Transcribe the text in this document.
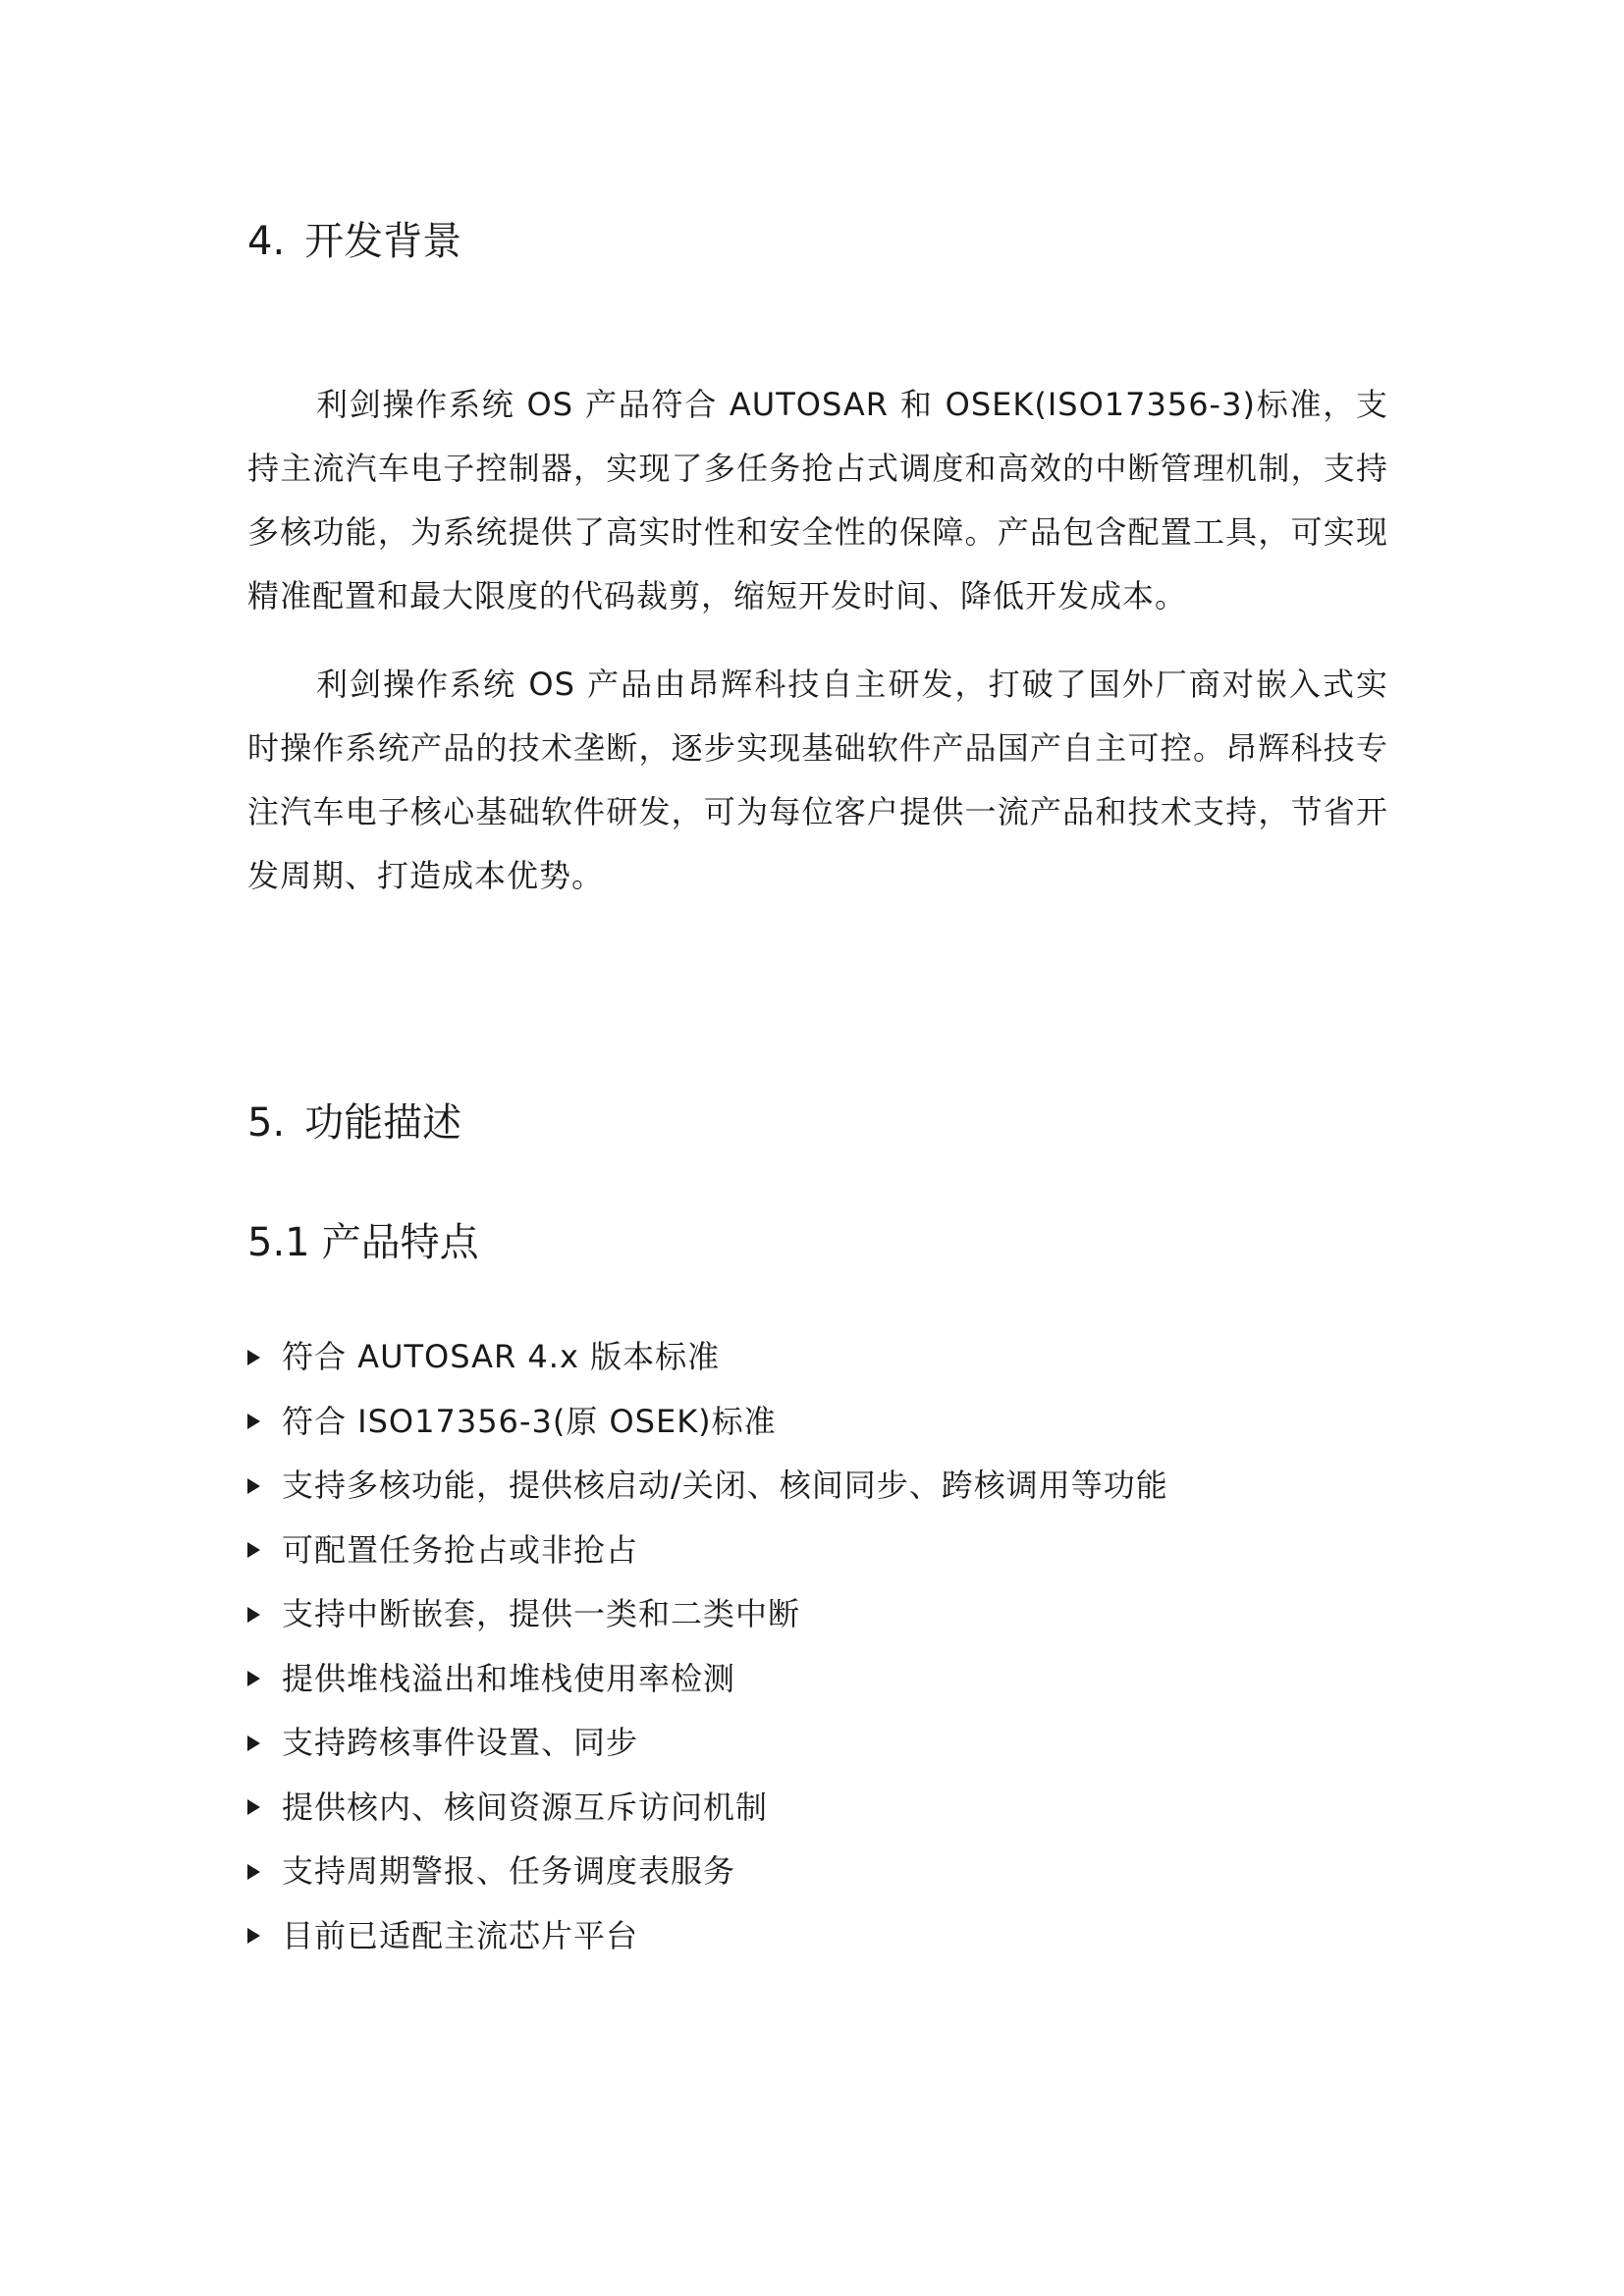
4. 开发背景

利剑操作系统 OS 产品符合 AUTOSAR 和 OSEK(ISO17356-3)标准，支持主流汽车电子控制器，实现了多任务抢占式调度和高效的中断管理机制，支持多核功能，为系统提供了高实时性和安全性的保障。产品包含配置工具，可实现精准配置和最大限度的代码裁剪，缩短开发时间、降低开发成本。

利剑操作系统 OS 产品由昂辉科技自主研发，打破了国外厂商对嵌入式实时操作系统产品的技术垄断，逐步实现基础软件产品国产自主可控。昂辉科技专注汽车电子核心基础软件研发，可为每位客户提供一流产品和技术支持，节省开发周期、打造成本优势。

5. 功能描述
5.1 产品特点
符合 AUTOSAR 4.x 版本标准
符合 ISO17356-3(原 OSEK)标准
支持多核功能，提供核启动/关闭、核间同步、跨核调用等功能
可配置任务抢占或非抢占
支持中断嵌套，提供一类和二类中断
提供堆栈溢出和堆栈使用率检测
支持跨核事件设置、同步
提供核内、核间资源互斥访问机制
支持周期警报、任务调度表服务
目前已适配主流芯片平台
